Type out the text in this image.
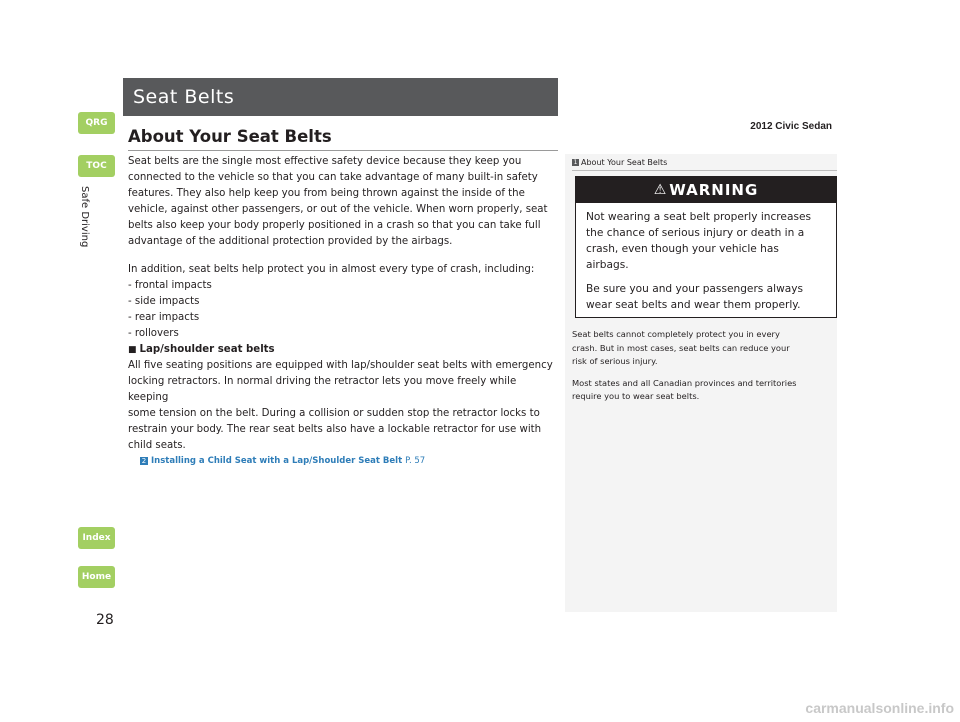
Seat Belts
2012 Civic Sedan
About Your Seat Belts
QRG
TOC
Safe Driving
Index
Home
28

Seat belts are the single most effective safety device because they keep you

connected to the vehicle so that you can take advantage of many built-in safety

features. They also help keep you from being thrown against the inside of the

vehicle, against other passengers, or out of the vehicle. When worn properly, seat

belts also keep your body properly positioned in a crash so that you can take full

advantage of the additional protection provided by the airbags.

In addition, seat belts help protect you in almost every type of crash, including:

- frontal impacts

- side impacts

- rear impacts

- rollovers

■ Lap/shoulder seat belts

All five seating positions are equipped with lap/shoulder seat belts with emergency

locking retractors. In normal driving the retractor lets you move freely while keeping

some tension on the belt. During a collision or sudden stop the retractor locks to

restrain your body. The rear seat belts also have a lockable retractor for use with

child seats.

2 Installing a Child Seat with a Lap/Shoulder Seat Belt P. 57

1 About Your Seat Belts
⚠ WARNING

Not wearing a seat belt properly increases

the chance of serious injury or death in a

crash, even though your vehicle has

airbags.

Be sure you and your passengers always

wear seat belts and wear them properly.

Seat belts cannot completely protect you in every

crash. But in most cases, seat belts can reduce your

risk of serious injury.

Most states and all Canadian provinces and territories

require you to wear seat belts.

carmanualsonline.info
